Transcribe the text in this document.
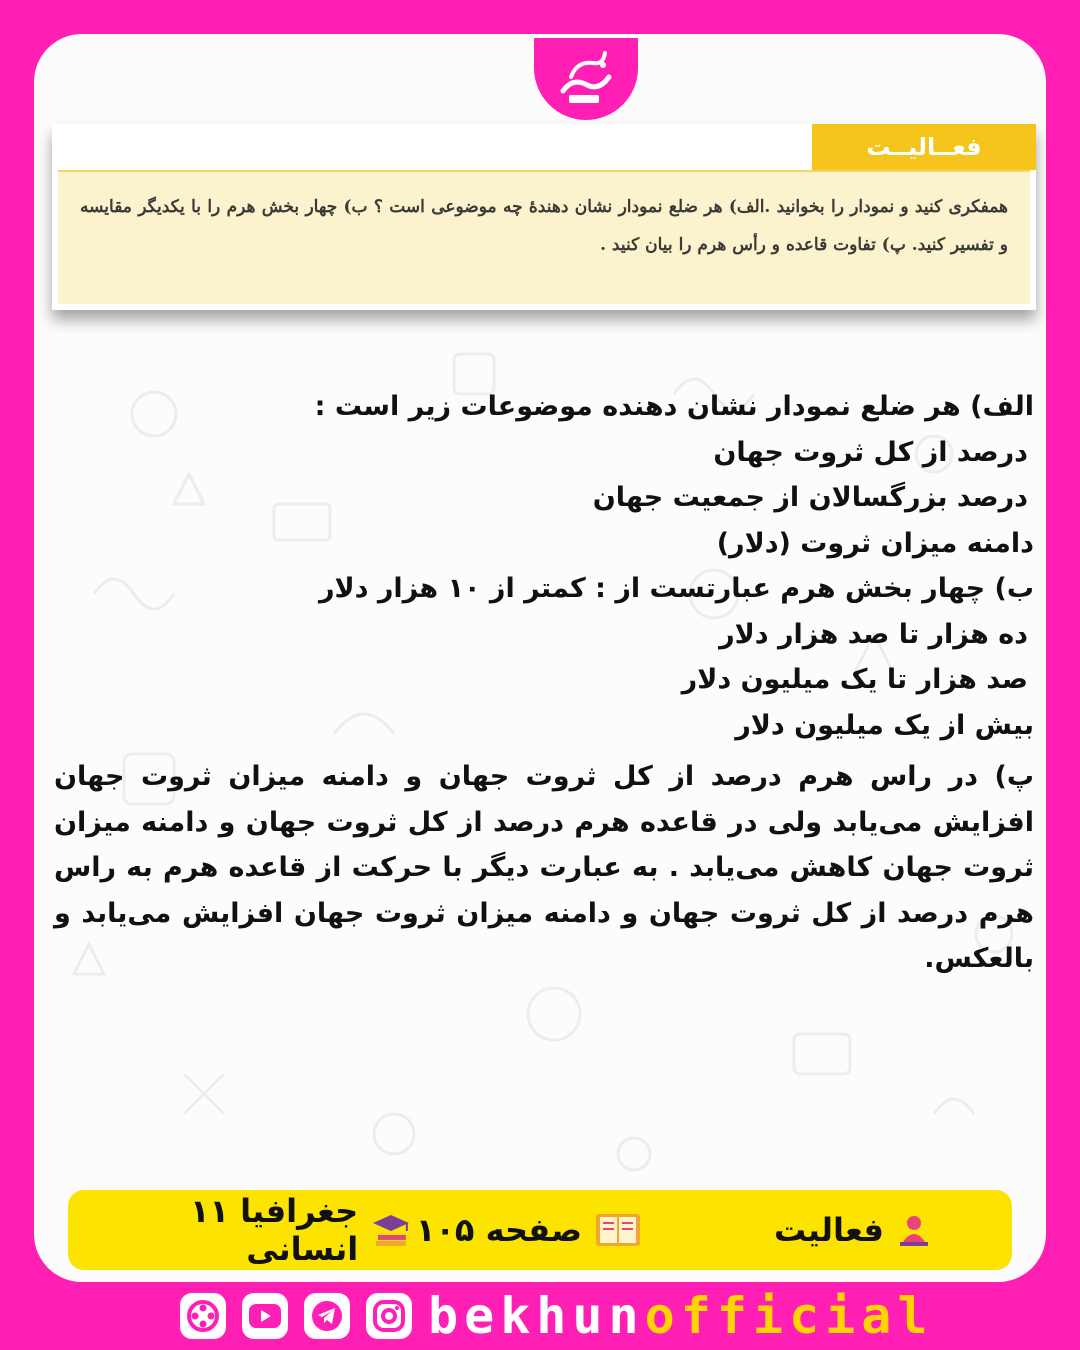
فعــالیــت
همفکری کنید و نمودار را بخوانید .الف) هر ضلع نمودار نشان دهندۀ چه موضوعی است ؟ ب) چهار بخش هرم را با یکدیگر مقایسه و تفسیر کنید. پ) تفاوت قاعده و رأس هرم را بیان کنید .
الف) هر ضلع نمودار نشان دهنده موضوعات زیر است :
درصد از کل ثروت جهان
درصد بزرگسالان از جمعیت جهان
دامنه میزان ثروت (دلار)
ب) چهار بخش هرم عبارتست از : کمتر از ۱۰ هزار دلار
ده هزار تا صد هزار دلار
صد هزار تا یک میلیون دلار
بیش از یک میلیون دلار
پ) در راس هرم درصد از کل ثروت جهان و دامنه میزان ثروت جهان افزایش می‌یابد ولی در قاعده هرم درصد از کل ثروت جهان و دامنه میزان ثروت جهان کاهش می‌یابد . به عبارت دیگر با حرکت از قاعده هرم به راس هرم درصد از کل ثروت جهان و دامنه میزان ثروت جهان افزایش می‌یابد و بالعکس.
فعالیت
صفحه ۱۰۵
جغرافیا ۱۱ انسانی
bekhun official
